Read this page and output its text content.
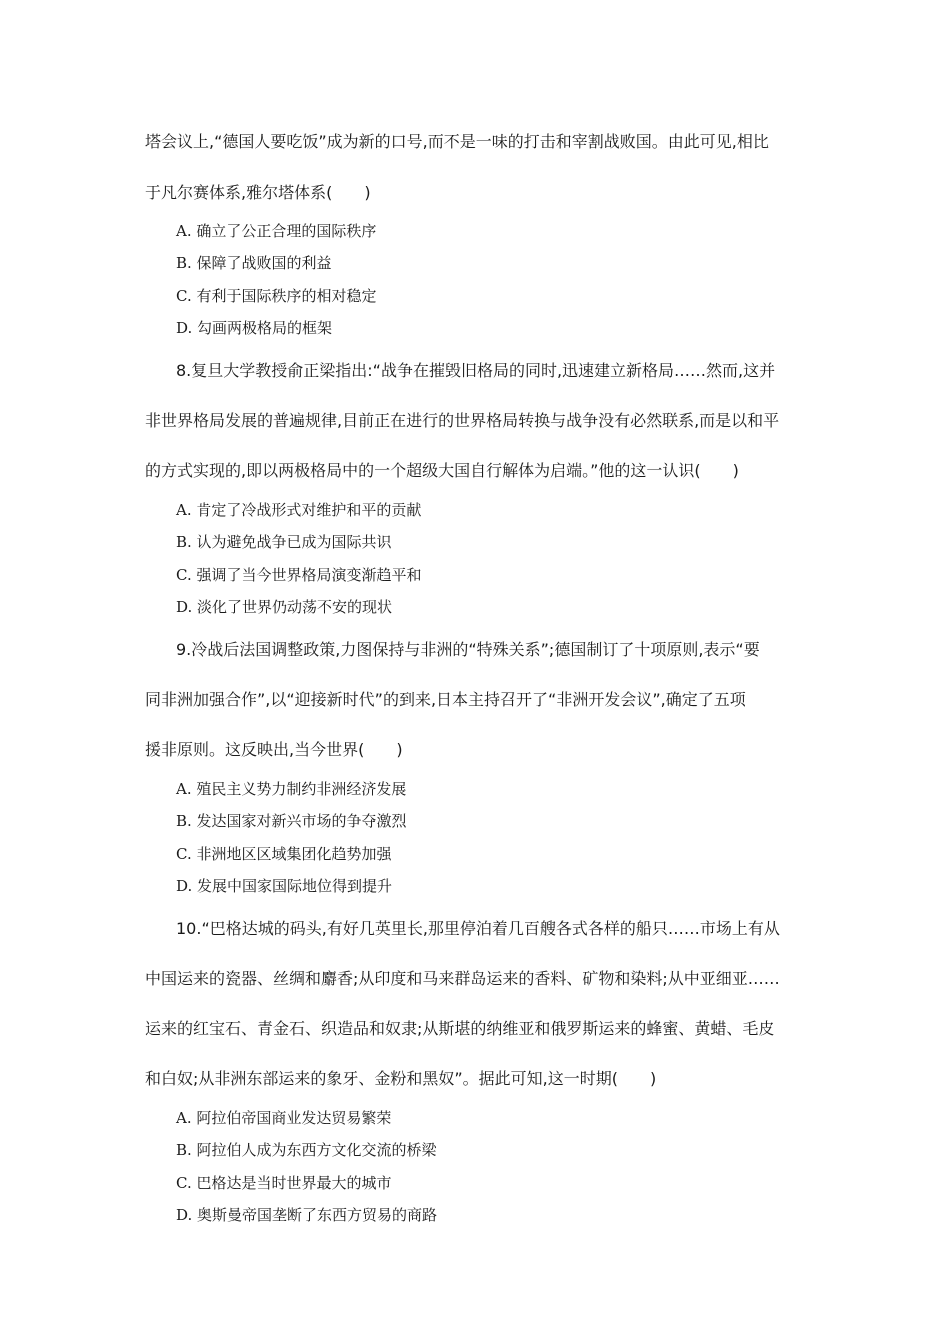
塔会议上,“德国人要吃饭”成为新的口号,而不是一味的打击和宰割战败国。由此可见,相比
于凡尔赛体系,雅尔塔体系(　　)
A. 确立了公正合理的国际秩序
B. 保障了战败国的利益
C. 有利于国际秩序的相对稳定
D. 勾画两极格局的框架
8.复旦大学教授俞正梁指出:“战争在摧毁旧格局的同时,迅速建立新格局……然而,这并
非世界格局发展的普遍规律,目前正在进行的世界格局转换与战争没有必然联系,而是以和平
的方式实现的,即以两极格局中的一个超级大国自行解体为启端。”他的这一认识(　　)
A. 肯定了冷战形式对维护和平的贡献
B. 认为避免战争已成为国际共识
C. 强调了当今世界格局演变渐趋平和
D. 淡化了世界仍动荡不安的现状
9.冷战后法国调整政策,力图保持与非洲的“特殊关系”;德国制订了十项原则,表示“要
同非洲加强合作”,以“迎接新时代”的到来,日本主持召开了“非洲开发会议”,确定了五项
援非原则。这反映出,当今世界(　　)
A. 殖民主义势力制约非洲经济发展
B. 发达国家对新兴市场的争夺激烈
C. 非洲地区区域集团化趋势加强
D. 发展中国家国际地位得到提升
10.“巴格达城的码头,有好几英里长,那里停泊着几百艘各式各样的船只……市场上有从
中国运来的瓷器、丝绸和麝香;从印度和马来群岛运来的香料、矿物和染料;从中亚细亚……
运来的红宝石、青金石、织造品和奴隶;从斯堪的纳维亚和俄罗斯运来的蜂蜜、黄蜡、毛皮
和白奴;从非洲东部运来的象牙、金粉和黑奴”。据此可知,这一时期(　　)
A. 阿拉伯帝国商业发达贸易繁荣
B. 阿拉伯人成为东西方文化交流的桥梁
C. 巴格达是当时世界最大的城市
D. 奥斯曼帝国垄断了东西方贸易的商路
